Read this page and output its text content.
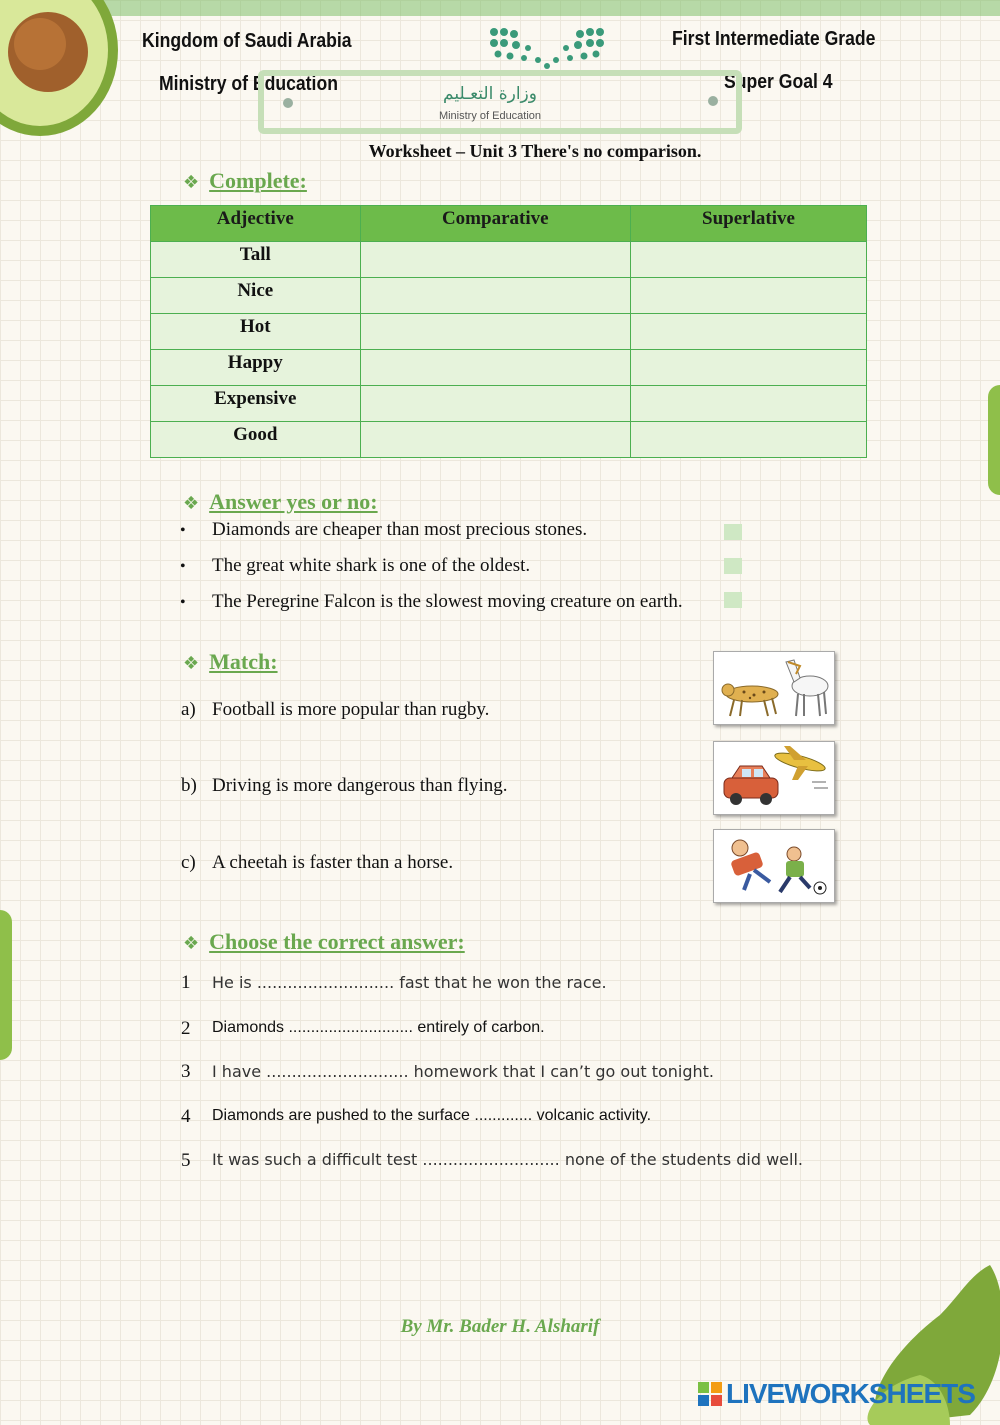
Kingdom of Saudi Arabia
Ministry of Education
First Intermediate Grade
Super Goal 4
وزارة التعـليم
Ministry of Education
Worksheet – Unit 3 There's no comparison.
❖ Complete:
Adjective	Comparative	Superlative
Tall		
Nice		
Hot		
Happy		
Expensive		
Good		
❖ Answer yes or no:
• Diamonds are cheaper than most precious stones.
• The great white shark is one of the oldest.
• The Peregrine Falcon is the slowest moving creature on earth.
❖ Match:
a) Football is more popular than rugby.
b) Driving is more dangerous than flying.
c) A cheetah is faster than a horse.
❖ Choose the correct answer:
1 He is ........................... fast that he won the race.
2 Diamonds ............................ entirely of carbon.
3 I have ............................ homework that I can’t go out tonight.
4 Diamonds are pushed to the surface ............. volcanic activity.
5 It was such a difficult test ........................... none of the students did well.
By Mr. Bader H. Alsharif
LIVEWORKSHEETS
